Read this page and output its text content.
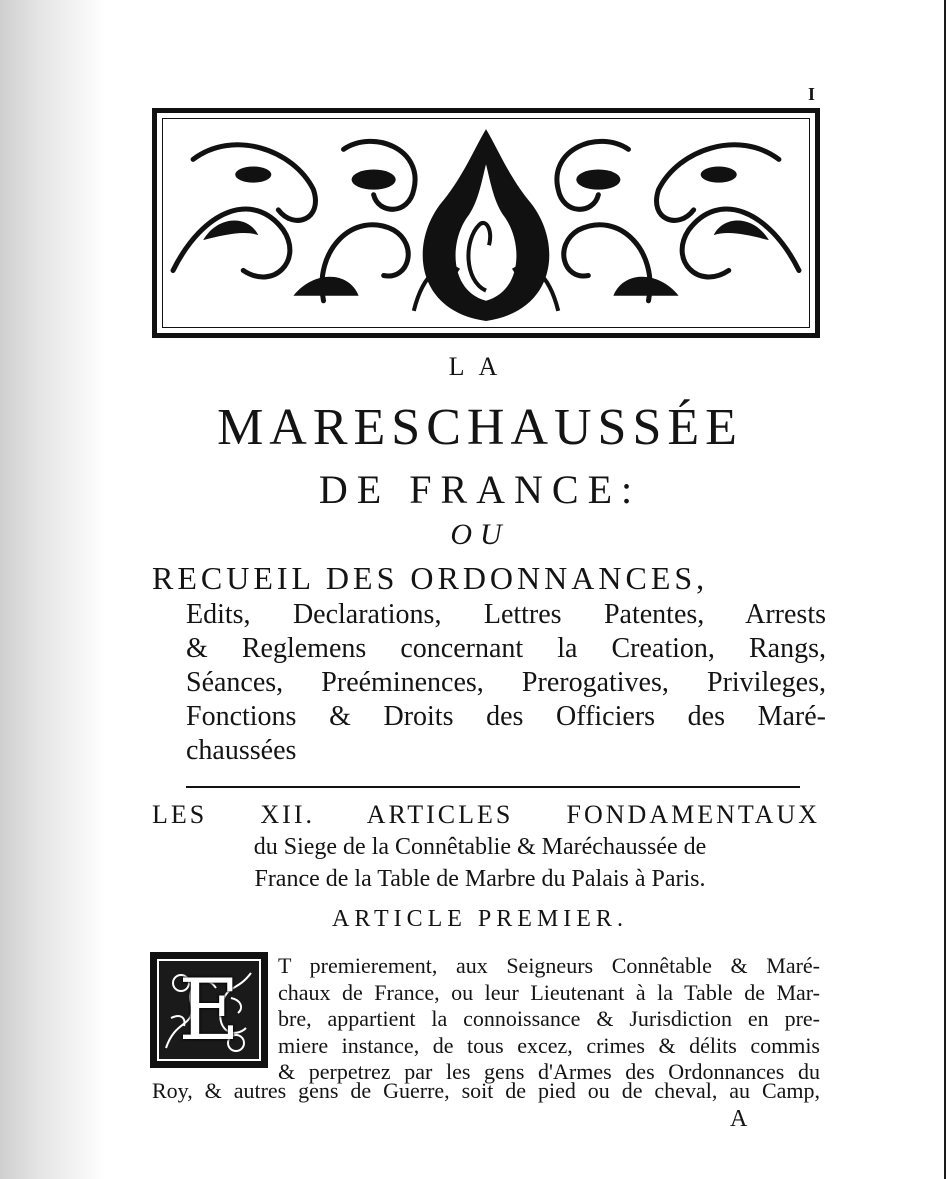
I
LA
MARESCHAUSSÉE
DE FRANCE:
OU
RECUEIL DES ORDONNANCES,
Edits, Declarations, Lettres Patentes, Arrests
& Reglemens concernant la Creation, Rangs,
Séances, Preéminences, Prerogatives, Privileges,
Fonctions & Droits des Officiers des Maré-
chaussées
LES XII. ARTICLES FONDAMENTAUX
du Siege de la Connêtablie & Maréchaussée de
France de la Table de Marbre du Palais à Paris.
ARTICLE PREMIER.
E	T premierement, aux Seigneurs Connêtable & Maré-
chaux de France, ou leur Lieutenant à la Table de Mar-
bre, appartient la connoissance & Jurisdiction en pre-
miere instance, de tous excez, crimes & délits commis
& perpetrez par les gens d'Armes des Ordonnances du
Roy, & autres gens de Guerre, soit de pied ou de cheval, au Camp,
A
